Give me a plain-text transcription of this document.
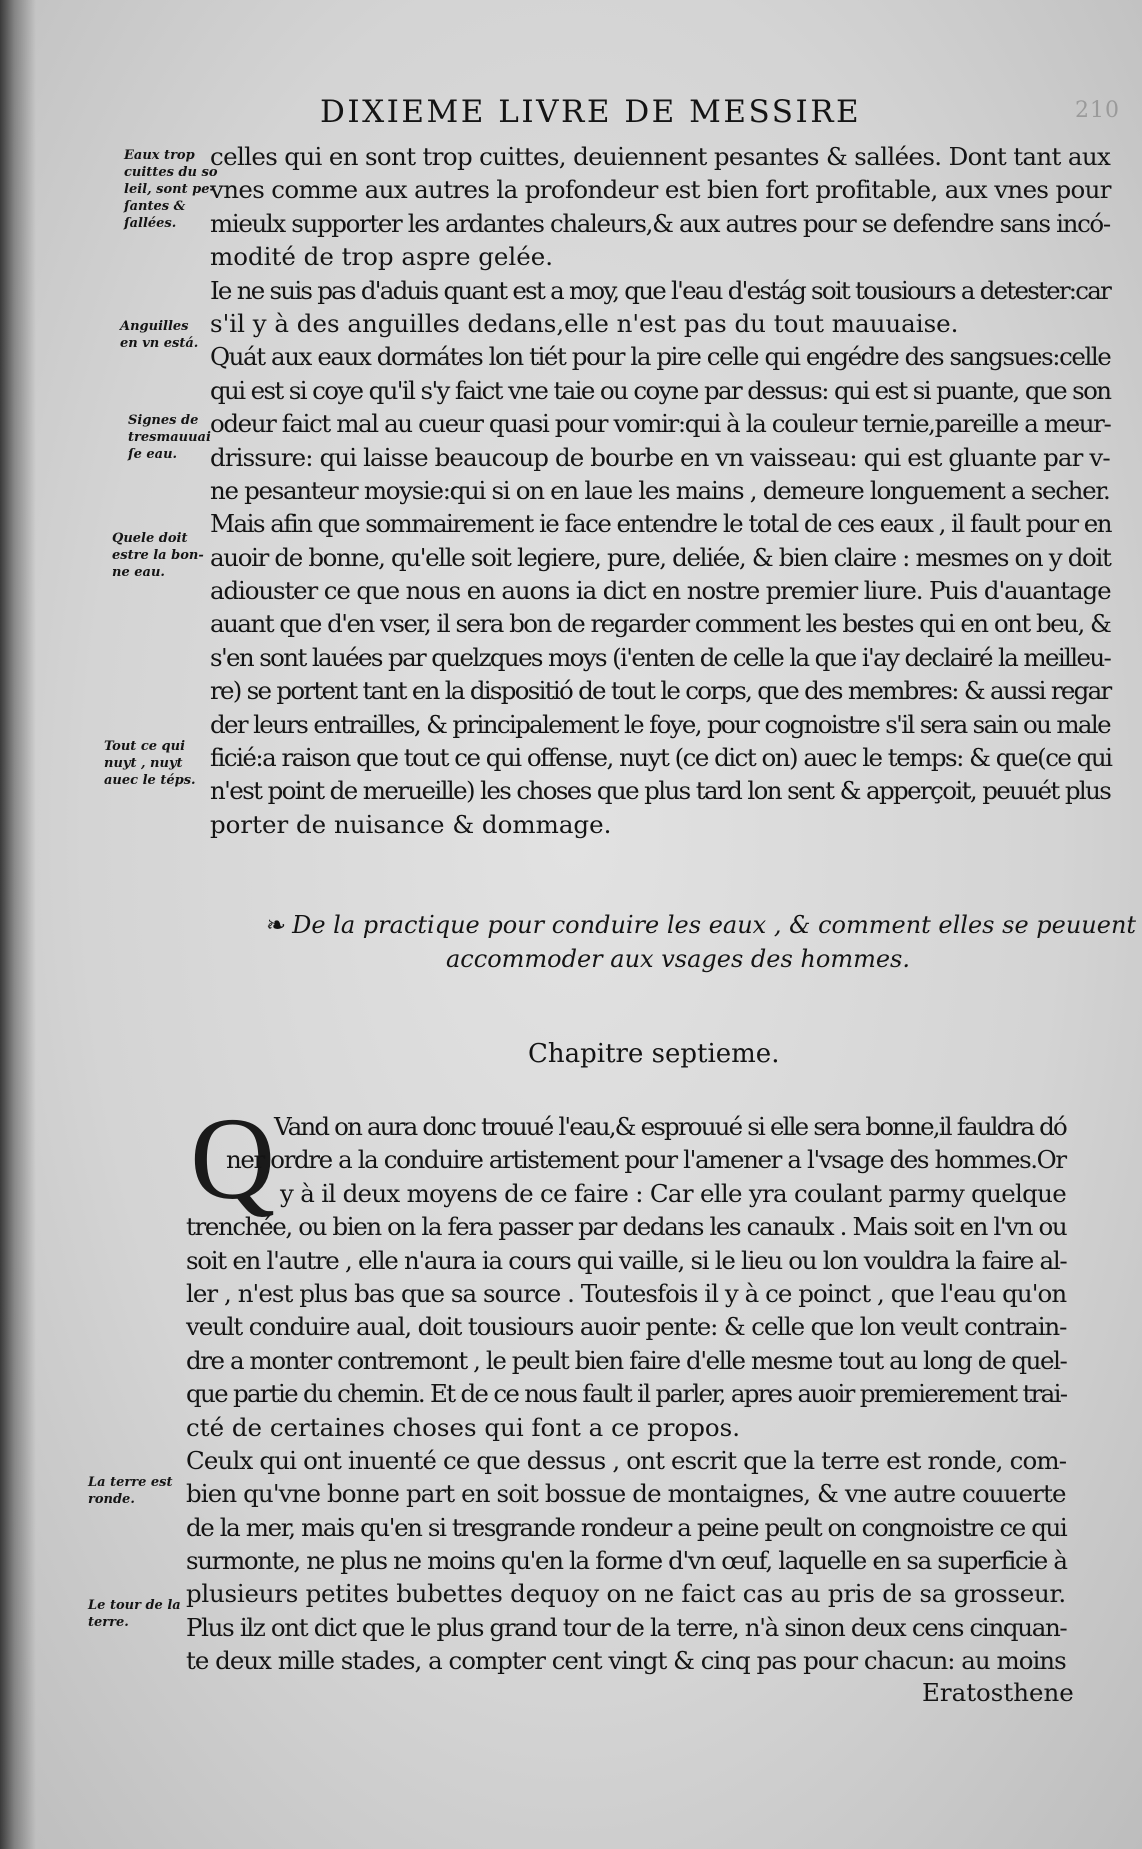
210
DIXIEME LIVRE DE MESSIRE
celles qui en sont trop cuittes, deuiennent pesantes & sallées. Dont tant aux
vnes comme aux autres la profondeur est bien fort profitable, aux vnes pour
mieulx supporter les ardantes chaleurs,& aux autres pour se defendre sans incó-
modité de trop aspre gelée.
Ie ne suis pas d'aduis quant est a moy, que l'eau d'estág soit tousiours a detester:car
s'il y à des anguilles dedans,elle n'est pas du tout mauuaise.
Quát aux eaux dormátes lon tiét pour la pire celle qui engédre des sangsues:celle
qui est si coye qu'il s'y faict vne taie ou coyne par dessus: qui est si puante, que son
odeur faict mal au cueur quasi pour vomir:qui à la couleur ternie,pareille a meur-
drissure: qui laisse beaucoup de bourbe en vn vaisseau: qui est gluante par v-
ne pesanteur moysie:qui si on en laue les mains , demeure longuement a secher.
Mais afin que sommairement ie face entendre le total de ces eaux , il fault pour en
auoir de bonne, qu'elle soit legiere, pure, deliée, & bien claire : mesmes on y doit
adiouster ce que nous en auons ia dict en nostre premier liure. Puis d'auantage
auant que d'en vser, il sera bon de regarder comment les bestes qui en ont beu, &
s'en sont lauées par quelzques moys (i'enten de celle la que i'ay declairé la meilleu-
re) se portent tant en la dispositió de tout le corps, que des membres: & aussi regar
der leurs entrailles, & principalement le foye, pour cognoistre s'il sera sain ou male
ficié:a raison que tout ce qui offense, nuyt (ce dict on) auec le temps: & que(ce qui
n'est point de merueille) les choses que plus tard lon sent & apperçoit, peuuét plus
porter de nuisance & dommage.
Eaux trop
cuittes du so
leil, sont pe-
ſantes &
ſallées.
Anguilles
en vn está.
Signes de
tresmauuai
ſe eau.
Quele doit
estre la bon-
ne eau.
Tout ce qui
nuyt , nuyt
auec le téps.
La terre est
ronde.
Le tour de la
terre.
❧ De la practique pour conduire les eaux , & comment elles se peuuent
accommoder aux vsages des hommes.
Chapitre septieme.
Q
Vand on aura donc trouué l'eau,& esprouué si elle sera bonne,il fauldra dó
ner ordre a la conduire artistement pour l'amener a l'vsage des hommes.Or
y à il deux moyens de ce faire : Car elle yra coulant parmy quelque
trenchée, ou bien on la fera passer par dedans les canaulx . Mais soit en l'vn ou
soit en l'autre , elle n'aura ia cours qui vaille, si le lieu ou lon vouldra la faire al-
ler , n'est plus bas que sa source . Toutesfois il y à ce poinct , que l'eau qu'on
veult conduire aual, doit tousiours auoir pente: & celle que lon veult contrain-
dre a monter contremont , le peult bien faire d'elle mesme tout au long de quel-
que partie du chemin. Et de ce nous fault il parler, apres auoir premierement trai-
cté de certaines choses qui font a ce propos.
Ceulx qui ont inuenté ce que dessus , ont escrit que la terre est ronde, com-
bien qu'vne bonne part en soit bossue de montaignes, & vne autre couuerte
de la mer, mais qu'en si tresgrande rondeur a peine peult on congnoistre ce qui
surmonte, ne plus ne moins qu'en la forme d'vn œuf, laquelle en sa superficie à
plusieurs petites bubettes dequoy on ne faict cas au pris de sa grosseur.
Plus ilz ont dict que le plus grand tour de la terre, n'à sinon deux cens cinquan-
te deux mille stades, a compter cent vingt & cinq pas pour chacun: au moins
Eratosthene
